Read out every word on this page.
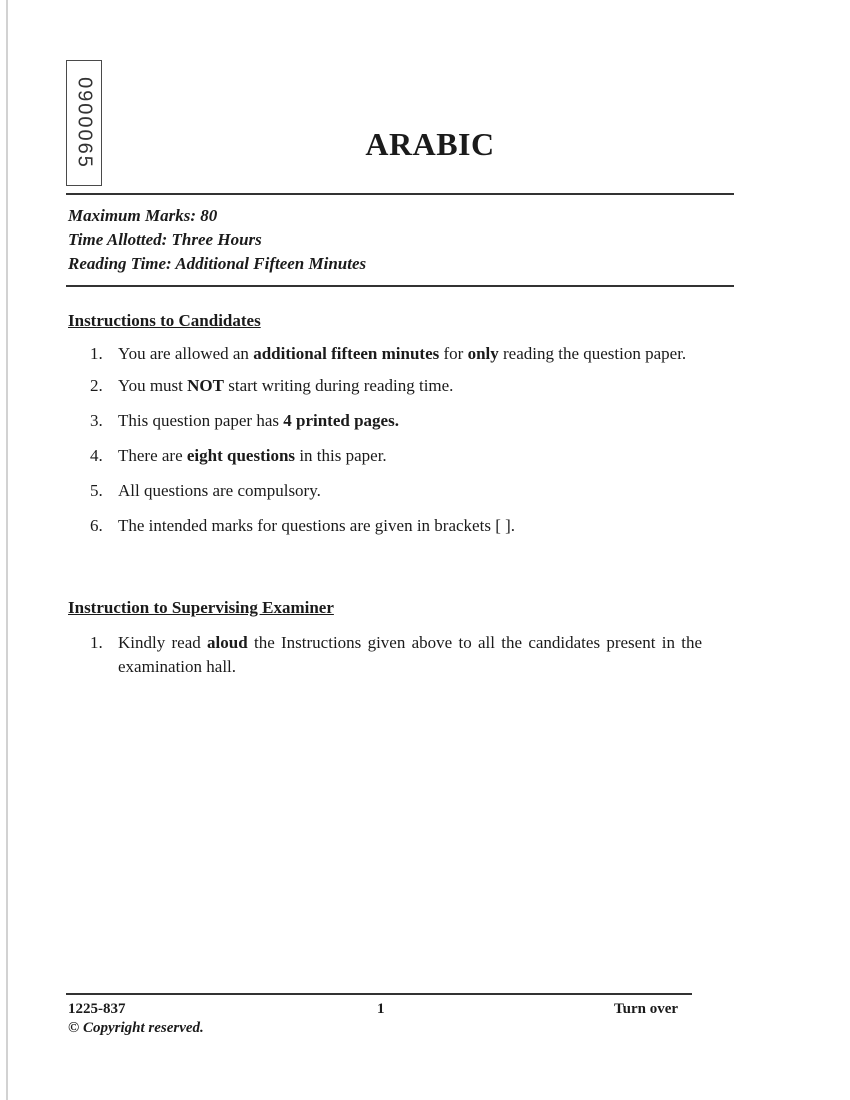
0900065	ARABIC
Maximum Marks: 80
Time Allotted: Three Hours
Reading Time: Additional Fifteen Minutes
Instructions to Candidates
1. You are allowed an additional fifteen minutes for only reading the question paper.
2. You must NOT start writing during reading time.
3. This question paper has 4 printed pages.
4. There are eight questions in this paper.
5. All questions are compulsory.
6. The intended marks for questions are given in brackets [ ].
Instruction to Supervising Examiner
1. Kindly read aloud the Instructions given above to all the candidates present in the examination hall.
1225-837	1	Turn over
© Copyright reserved.
